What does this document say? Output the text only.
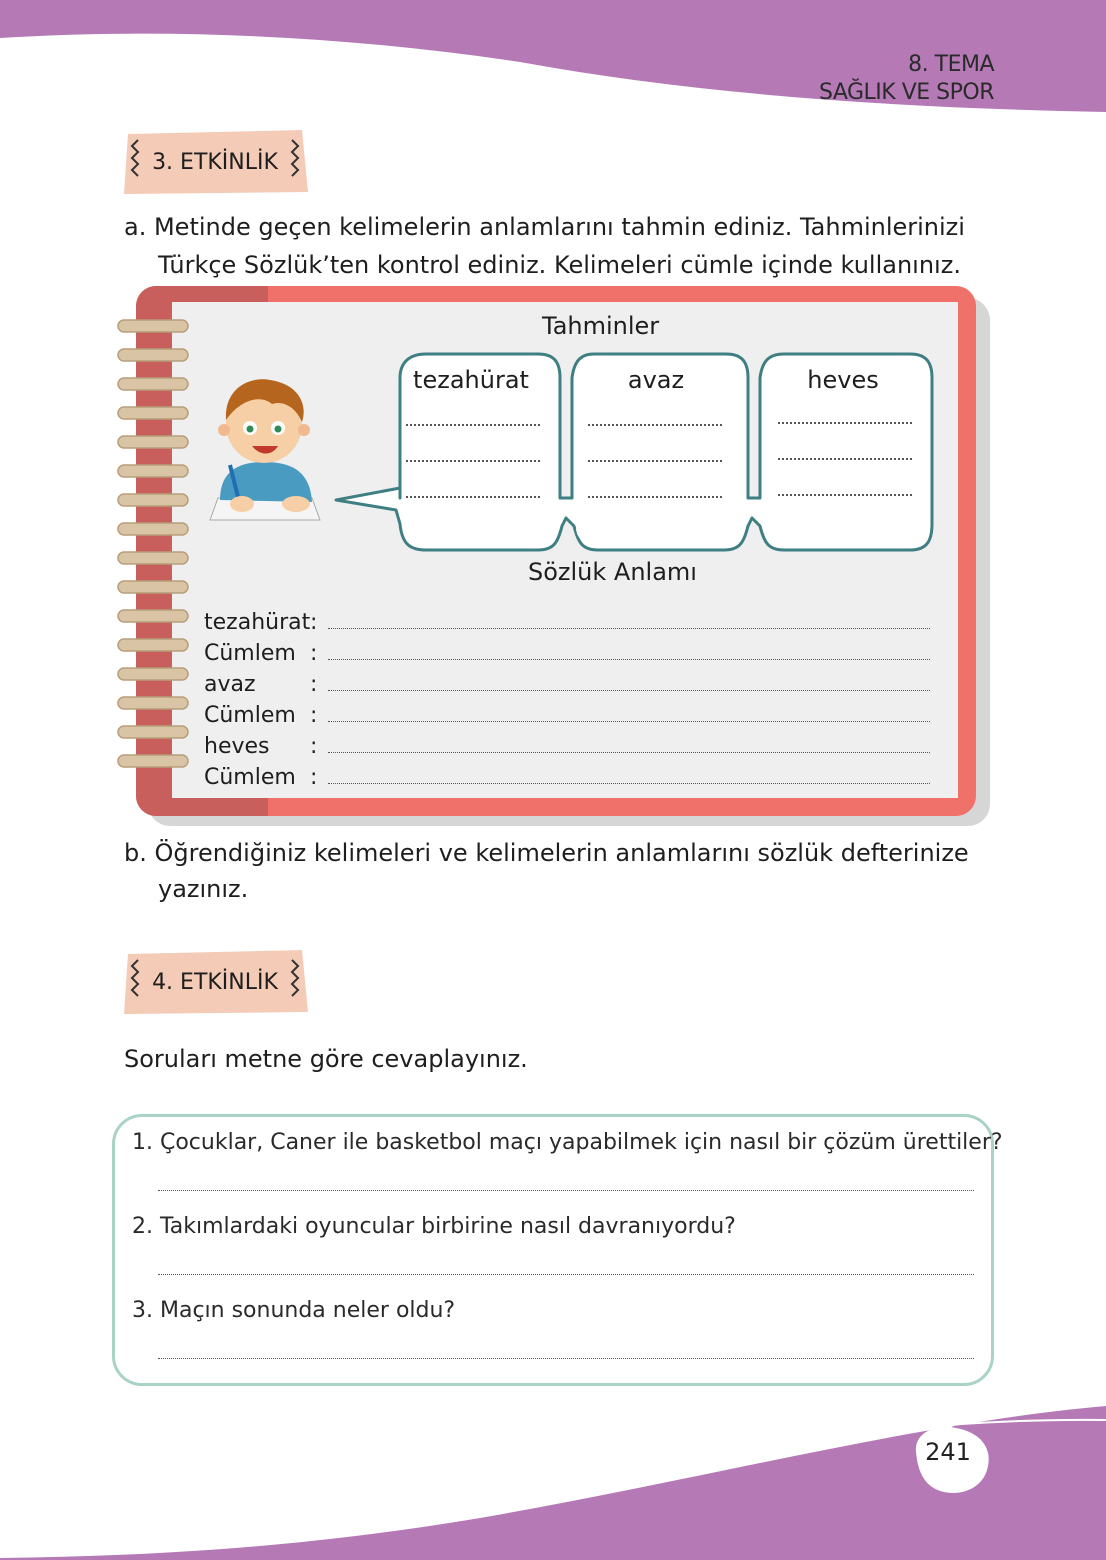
8. TEMA
SAĞLIK VE SPOR
3. ETKİNLİK
a. Metinde geçen kelimelerin anlamlarını tahmin ediniz. Tahminlerinizi
Türkçe Sözlük’ten kontrol ediniz. Kelimeleri cümle içinde kullanınız.
Tahminler
tezahürat	avaz	heves
Sözlük Anlamı
tezahürat :
Cümlem :
avaz :
Cümlem :
heves :
Cümlem :
b. Öğrendiğiniz kelimeleri ve kelimelerin anlamlarını sözlük defterinize
yazınız.
4. ETKİNLİK
Soruları metne göre cevaplayınız.
1. Çocuklar, Caner ile basketbol maçı yapabilmek için nasıl bir çözüm ürettiler?
2. Takımlardaki oyuncular birbirine nasıl davranıyordu?
3. Maçın sonunda neler oldu?
241
